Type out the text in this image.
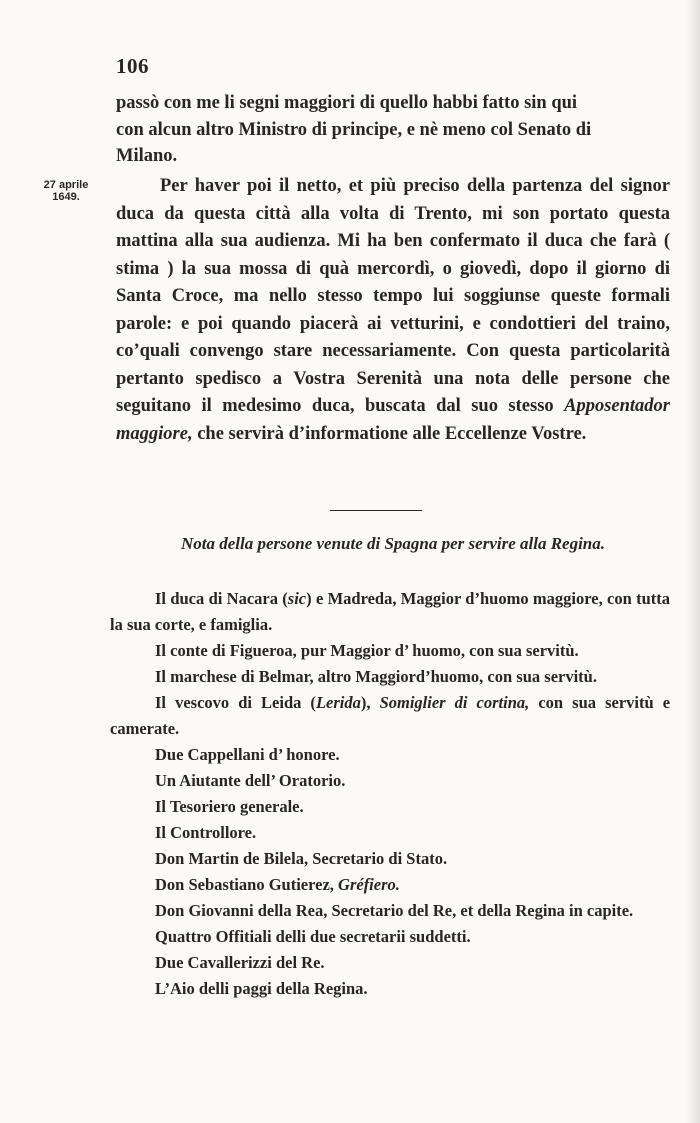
106
27 aprile
1649.

passò con me li segni maggiori di quello habbi fatto sin qui

con alcun altro Ministro di principe, e nè meno col Senato di

Milano.

Per haver poi il netto, et più preciso della partenza del signor duca da questa città alla volta di Trento, mi son portato questa mattina alla sua audienza. Mi ha ben confermato il duca che farà ( stima ) la sua mossa di quà mercordì, o giovedì, dopo il giorno di Santa Croce, ma nello stesso tempo lui soggiunse queste formali parole: e poi quando piacerà ai vetturini, e condottieri del traino, co’quali convengo stare necessariamente. Con questa particolarità pertanto spedisco a Vostra Serenità una nota delle persone che seguitano il medesimo duca, buscata dal suo stesso Apposentador maggiore, che servirà d’informatione alle Eccellenze Vostre.

Nota della persone venute di Spagna per servire alla Regina.
Il duca di Nacara (sic) e Madreda, Maggior d’huomo maggiore, con tutta la sua corte, e famiglia.
Il conte di Figueroa, pur Maggior d’ huomo, con sua servitù.
Il marchese di Belmar, altro Maggiord’huomo, con sua servitù.
Il vescovo di Leida (Lerida), Somiglier di cortina, con sua servitù e camerate.
Due Cappellani d’ honore.
Un Aiutante dell’ Oratorio.
Il Tesoriero generale.
Il Controllore.
Don Martin de Bilela, Secretario di Stato.
Don Sebastiano Gutierez, Gréfiero.
Don Giovanni della Rea, Secretario del Re, et della Regina in capite.
Quattro Offitiali delli due secretarii suddetti.
Due Cavallerizzi del Re.
L’Aio delli paggi della Regina.
